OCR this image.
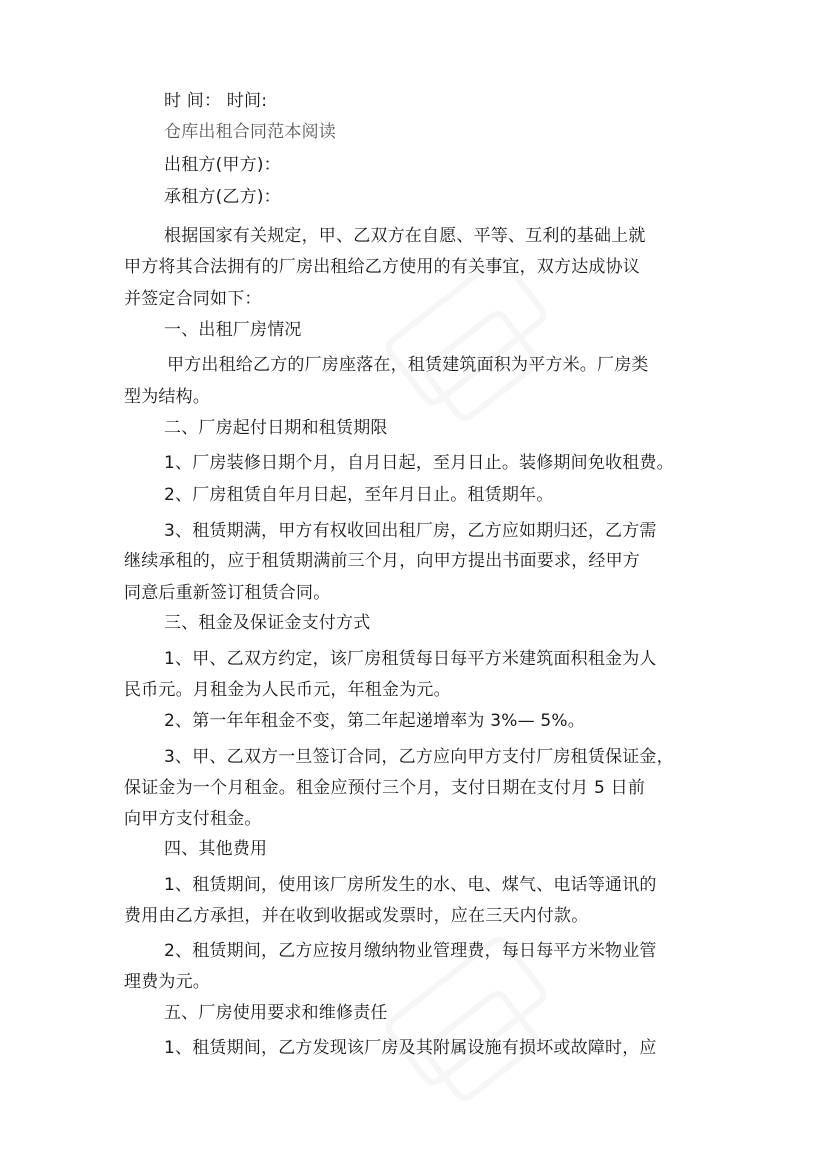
时 间： 时间:
仓库出租合同范本阅读
出租方(甲方)：
承租方(乙方)：
根据国家有关规定，甲、乙双方在自愿、平等、互利的基础上就
甲方将其合法拥有的厂房出租给乙方使用的有关事宜，双方达成协议
并签定合同如下：
一、出租厂房情况
甲方出租给乙方的厂房座落在，租赁建筑面积为平方米。厂房类
型为结构。
二、厂房起付日期和租赁期限
1、厂房装修日期个月，自月日起，至月日止。装修期间免收租费。
2、厂房租赁自年月日起，至年月日止。租赁期年。
3、租赁期满，甲方有权收回出租厂房，乙方应如期归还，乙方需
继续承租的，应于租赁期满前三个月，向甲方提出书面要求，经甲方
同意后重新签订租赁合同。
三、租金及保证金支付方式
1、甲、乙双方约定，该厂房租赁每日每平方米建筑面积租金为人
民币元。月租金为人民币元，年租金为元。
2、第一年年租金不变，第二年起递增率为 3%— 5%。
3、甲、乙双方一旦签订合同，乙方应向甲方支付厂房租赁保证金，
保证金为一个月租金。租金应预付三个月，支付日期在支付月 5 日前
向甲方支付租金。
四、其他费用
1、租赁期间，使用该厂房所发生的水、电、煤气、电话等通讯的
费用由乙方承担，并在收到收据或发票时，应在三天内付款。
2、租赁期间，乙方应按月缴纳物业管理费，每日每平方米物业管
理费为元。
五、厂房使用要求和维修责任
1、租赁期间，乙方发现该厂房及其附属设施有损坏或故障时，应
